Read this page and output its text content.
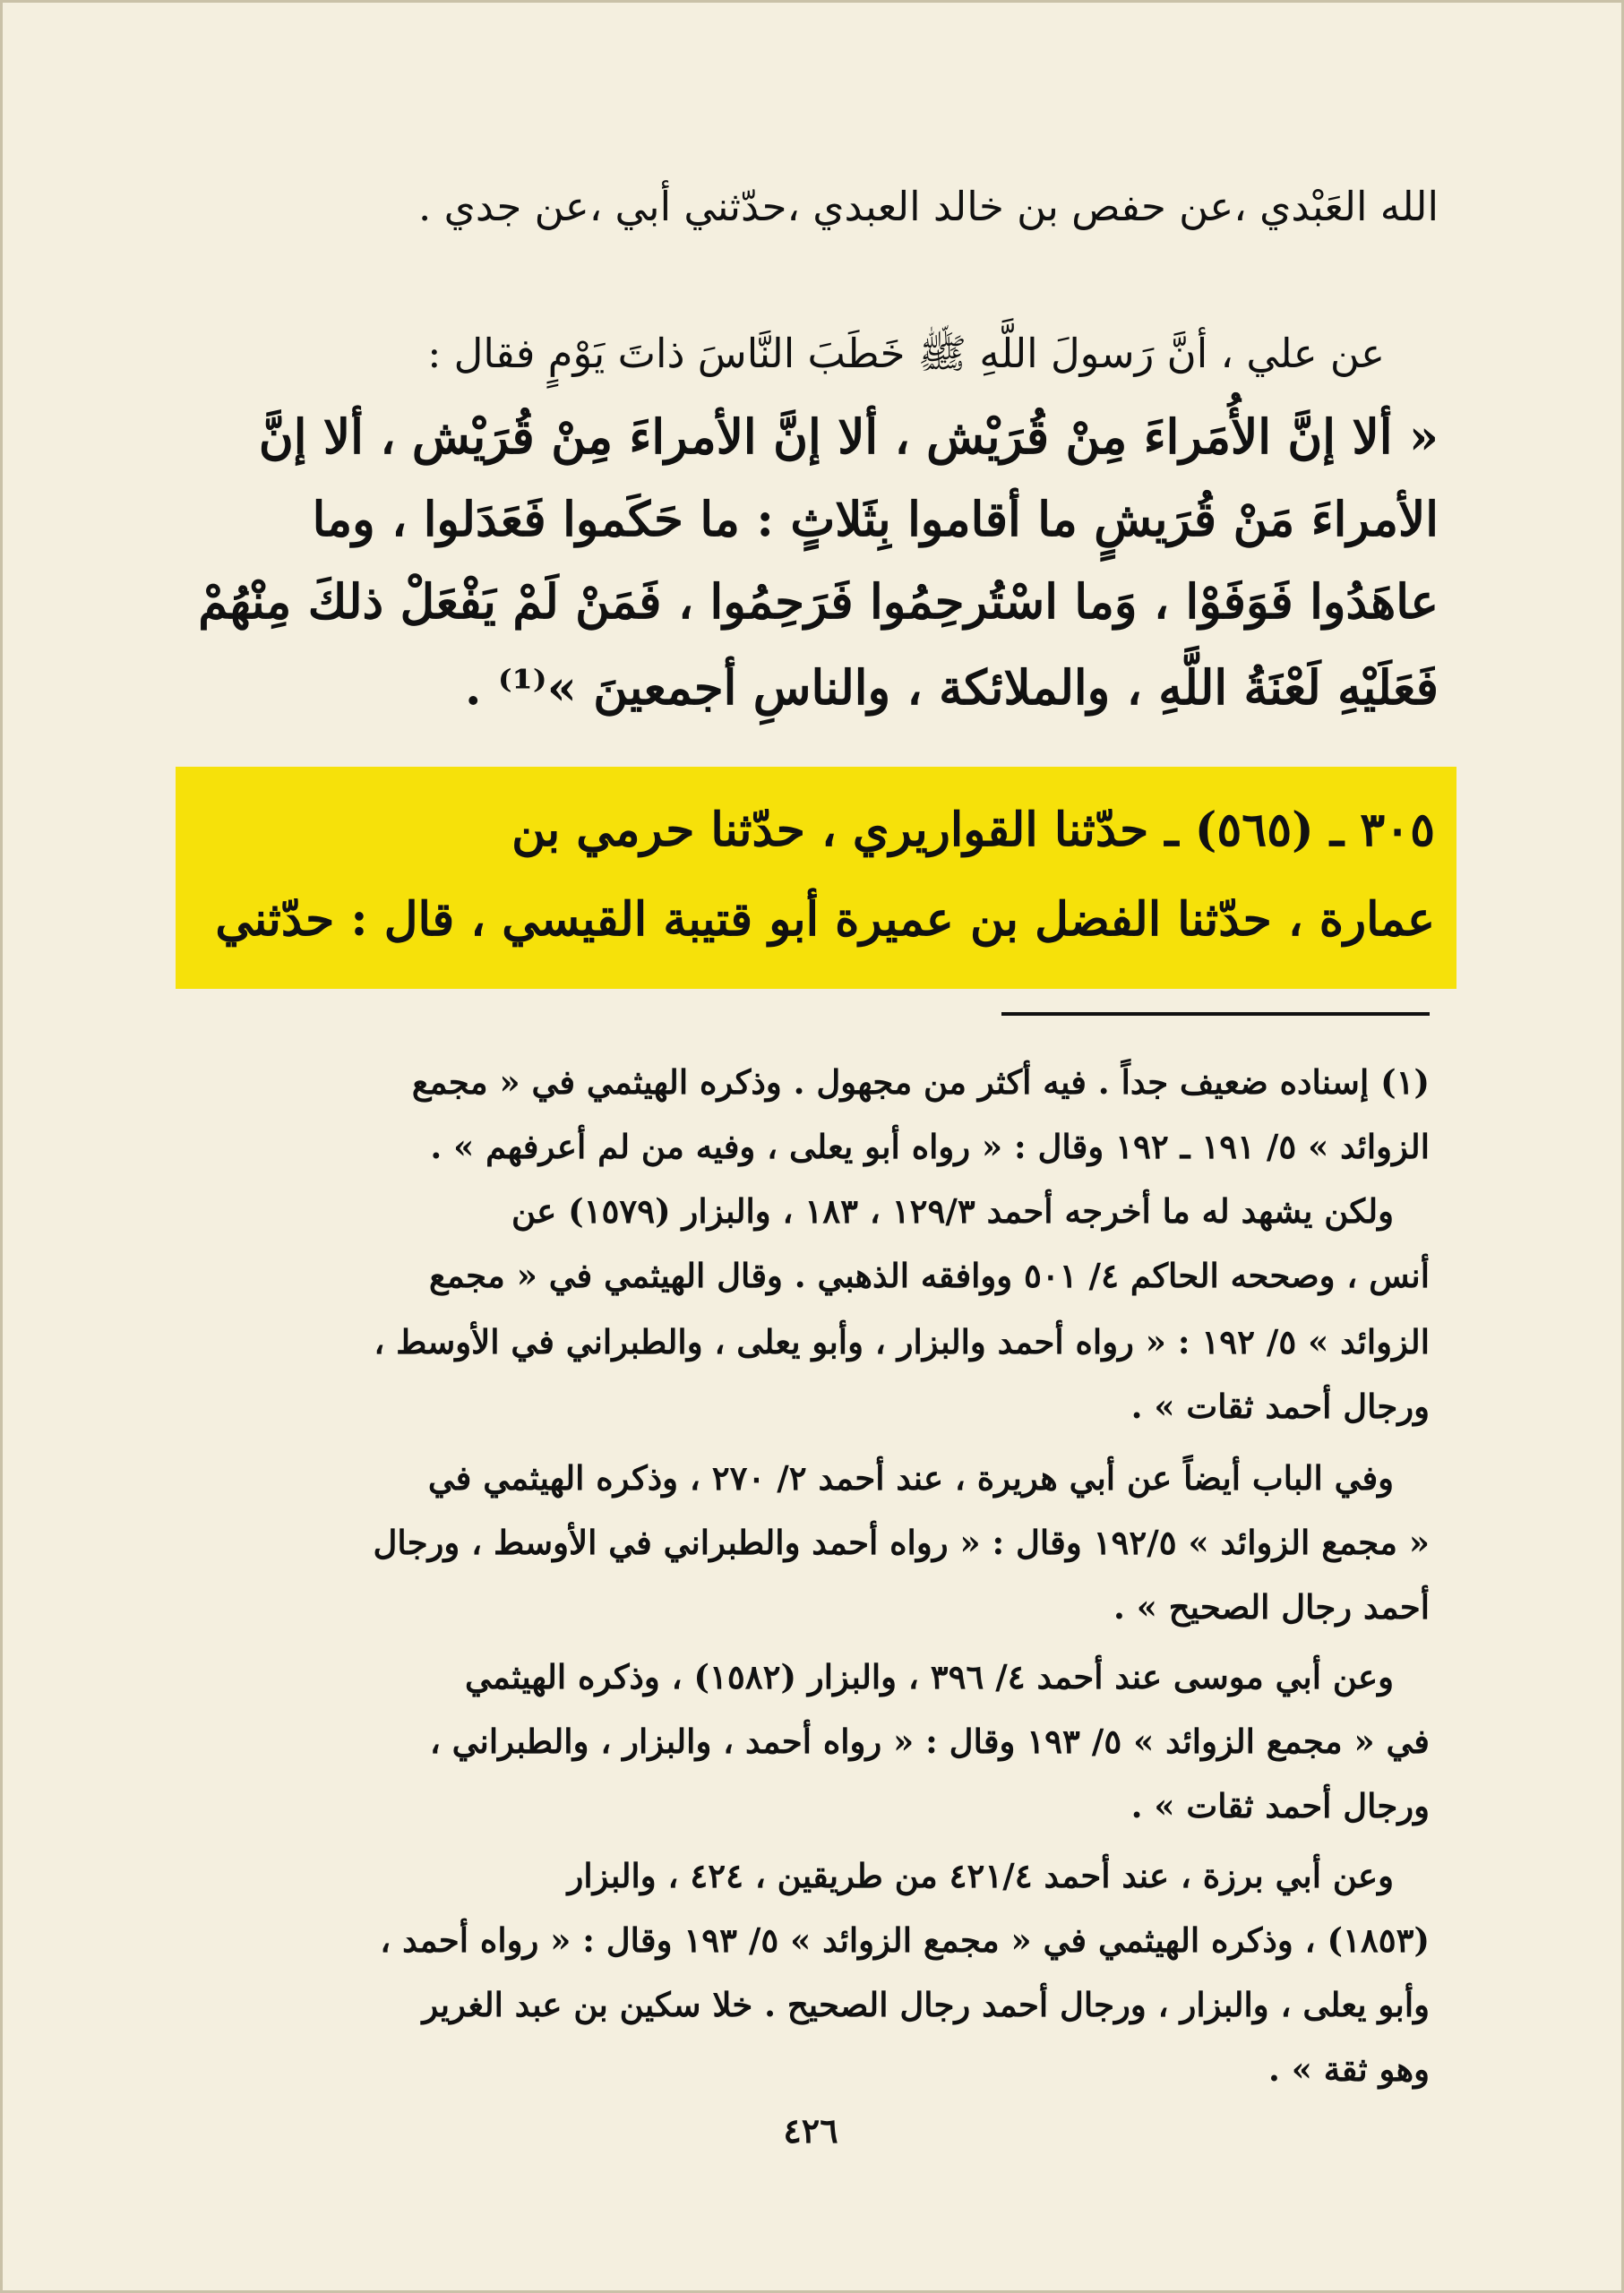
الله العَبْدي ،عن حفص بن خالد العبدي ،حدّثني أبي ،عن جدي .
عن علي ، أنَّ رَسولَ اللَّهِ ﷺ خَطَبَ النَّاسَ ذاتَ يَوْمٍ فقال :
« ألا إنَّ الأُمَراءَ مِنْ قُرَيْش ، ألا إنَّ الأمراءَ مِنْ قُرَيْش ، ألا إنَّ
الأمراءَ مَنْ قُرَيشٍ ما أقاموا بِثَلاثٍ : ما حَكَموا فَعَدَلوا ، وما
عاهَدُوا فَوَفَوْا ، وَما اسْتُرحِمُوا فَرَحِمُوا ، فَمَنْ لَمْ يَفْعَلْ ذلكَ مِنْهُمْ
فَعَلَيْهِ لَعْنَةُ اللَّهِ ، والملائكة ، والناسِ أجمعينَ »⁽¹⁾ .
٣٠٥ ـ (٥٦٥) ـ حدّثنا القواريري ، حدّثنا حرمي بن
عمارة ، حدّثنا الفضل بن عميرة أبو قتيبة القيسي ، قال : حدّثني
(١) إسناده ضعيف جداً . فيه أكثر من مجهول . وذكره الهيثمي في « مجمع
الزوائد » ٥/ ١٩١ ـ ١٩٢ وقال : « رواه أبو يعلى ، وفيه من لم أعرفهم » .
ولكن يشهد له ما أخرجه أحمد ١٢٩/٣ ، ١٨٣ ، والبزار (١٥٧٩) عن
أنس ، وصححه الحاكم ٤/ ٥٠١ ووافقه الذهبي . وقال الهيثمي في « مجمع
الزوائد » ٥/ ١٩٢ : « رواه أحمد والبزار ، وأبو يعلى ، والطبراني في الأوسط ،
ورجال أحمد ثقات » .
وفي الباب أيضاً عن أبي هريرة ، عند أحمد ٢/ ٢٧٠ ، وذكره الهيثمي في
« مجمع الزوائد » ١٩٢/٥ وقال : « رواه أحمد والطبراني في الأوسط ، ورجال
أحمد رجال الصحيح » .
وعن أبي موسى عند أحمد ٤/ ٣٩٦ ، والبزار (١٥٨٢) ، وذكره الهيثمي
في « مجمع الزوائد » ٥/ ١٩٣ وقال : « رواه أحمد ، والبزار ، والطبراني ،
ورجال أحمد ثقات » .
وعن أبي برزة ، عند أحمد ٤٢١/٤ من طريقين ، ٤٢٤ ، والبزار
(١٨٥٣) ، وذكره الهيثمي في « مجمع الزوائد » ٥/ ١٩٣ وقال : « رواه أحمد ،
وأبو يعلى ، والبزار ، ورجال أحمد رجال الصحيح . خلا سكين بن عبد الغرير
وهو ثقة » .
٤٢٦
